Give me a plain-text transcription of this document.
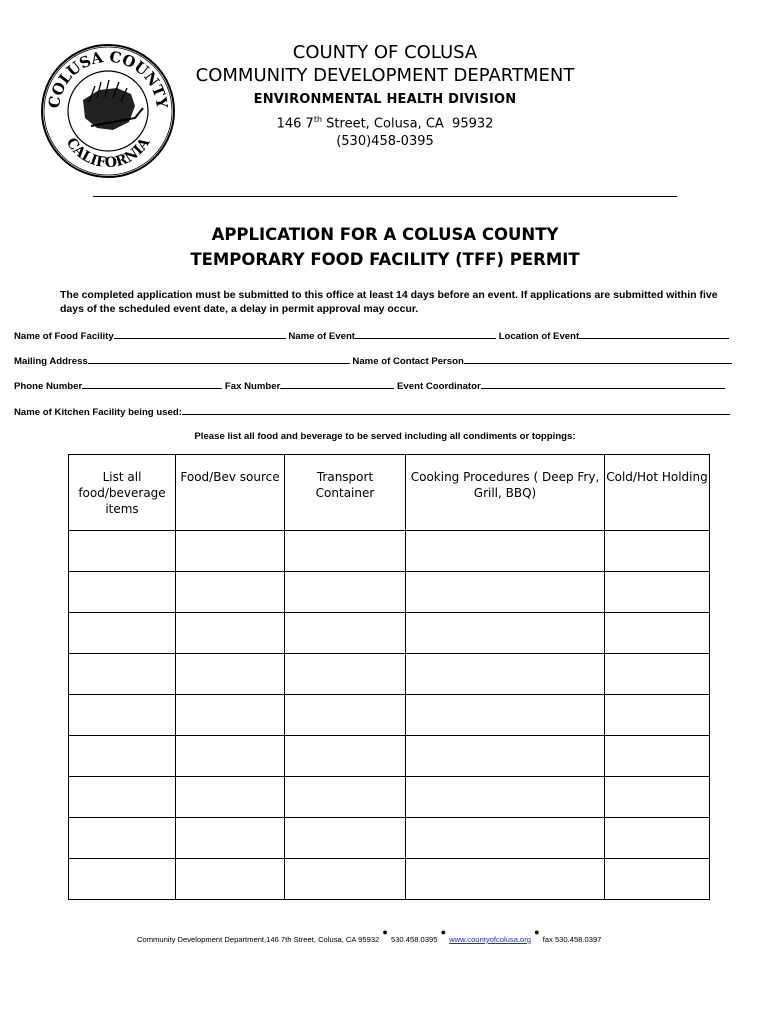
COLUSA COUNTY
CALIFORNIA
COUNTY OF COLUSA
COMMUNITY DEVELOPMENT DEPARTMENT
ENVIRONMENTAL HEALTH DIVISION
146 7th Street, Colusa, CA  95932
(530)458-0395
APPLICATION FOR A COLUSA COUNTY
TEMPORARY FOOD FACILITY (TFF) PERMIT
The completed application must be submitted to this office at least 14 days before an event. If applications are submitted within five days of the scheduled event date, a delay in permit approval may occur.
Name of Food Facility	Name of Event	Location of Event
Mailing Address	Name of Contact Person
Phone Number	Fax Number	Event Coordinator
Name of Kitchen Facility being used:
Please list all food and beverage to be served including all condiments or toppings:
List all food/beverage items	Food/Bev source	Transport Container	Cooking Procedures ( Deep Fry, Grill, BBQ)	Cold/Hot Holding

Community Development Department,146 7th Street, Colusa, CA 95932 ● 530.458.0395 ● www.countyofcolusa.org ● fax 530.458.0397
